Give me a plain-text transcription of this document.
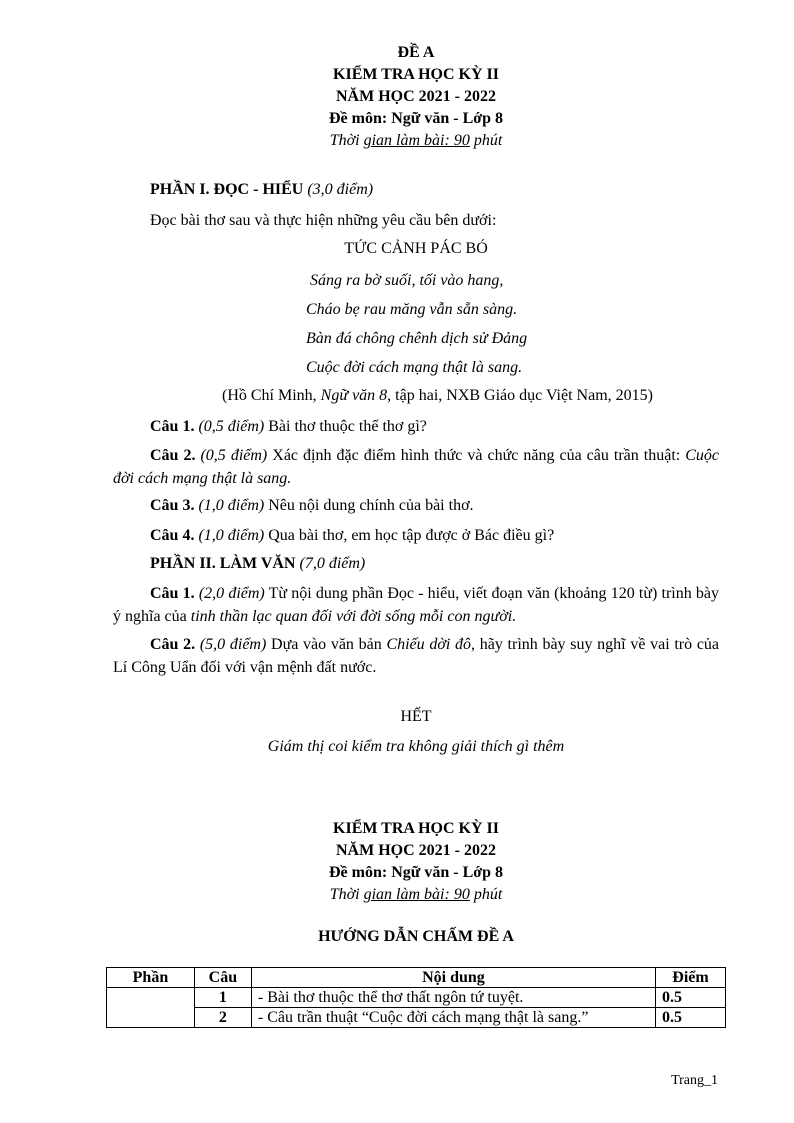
ĐỀ A
KIỂM TRA HỌC KỲ II
NĂM HỌC 2021 - 2022
Đề môn: Ngữ văn - Lớp 8
Thời gian làm bài: 90 phút
PHẦN I. ĐỌC - HIỂU (3,0 điểm)
Đọc bài thơ sau và thực hiện những yêu cầu bên dưới:
TỨC CẢNH PÁC BÓ
Sáng ra bờ suối, tối vào hang,
Cháo bẹ rau măng vẫn sẵn sàng.
Bàn đá chông chênh dịch sử Đảng
Cuộc đời cách mạng thật là sang.
(Hồ Chí Minh, Ngữ văn 8, tập hai, NXB Giáo dục Việt Nam, 2015)
Câu 1. (0,5 điểm) Bài thơ thuộc thể thơ gì?
Câu 2. (0,5 điểm) Xác định đặc điểm hình thức và chức năng của câu trần thuật: Cuộc đời cách mạng thật là sang.
Câu 3. (1,0 điểm) Nêu nội dung chính của bài thơ.
Câu 4. (1,0 điểm) Qua bài thơ, em học tập được ở Bác điều gì?
PHẦN II. LÀM VĂN (7,0 điểm)
Câu 1. (2,0 điểm) Từ nội dung phần Đọc - hiểu, viết đoạn văn (khoảng 120 từ) trình bày ý nghĩa của tinh thần lạc quan đối với đời sống mỗi con người.
Câu 2. (5,0 điểm) Dựa vào văn bản Chiếu dời đô, hãy trình bày suy nghĩ về vai trò của Lí Công Uẩn đối với vận mệnh đất nước.
HẾT
Giám thị coi kiểm tra không giải thích gì thêm
KIỂM TRA HỌC KỲ II
NĂM HỌC 2021 - 2022
Đề môn: Ngữ văn - Lớp 8
Thời gian làm bài: 90 phút
HƯỚNG DẪN CHẤM ĐỀ A
Phần	Câu	Nội dung	Điểm
	1	- Bài thơ thuộc thể thơ thất ngôn tứ tuyệt.	0.5
	2	- Câu trần thuật “Cuộc đời cách mạng thật là sang.”	0.5
Trang_1
